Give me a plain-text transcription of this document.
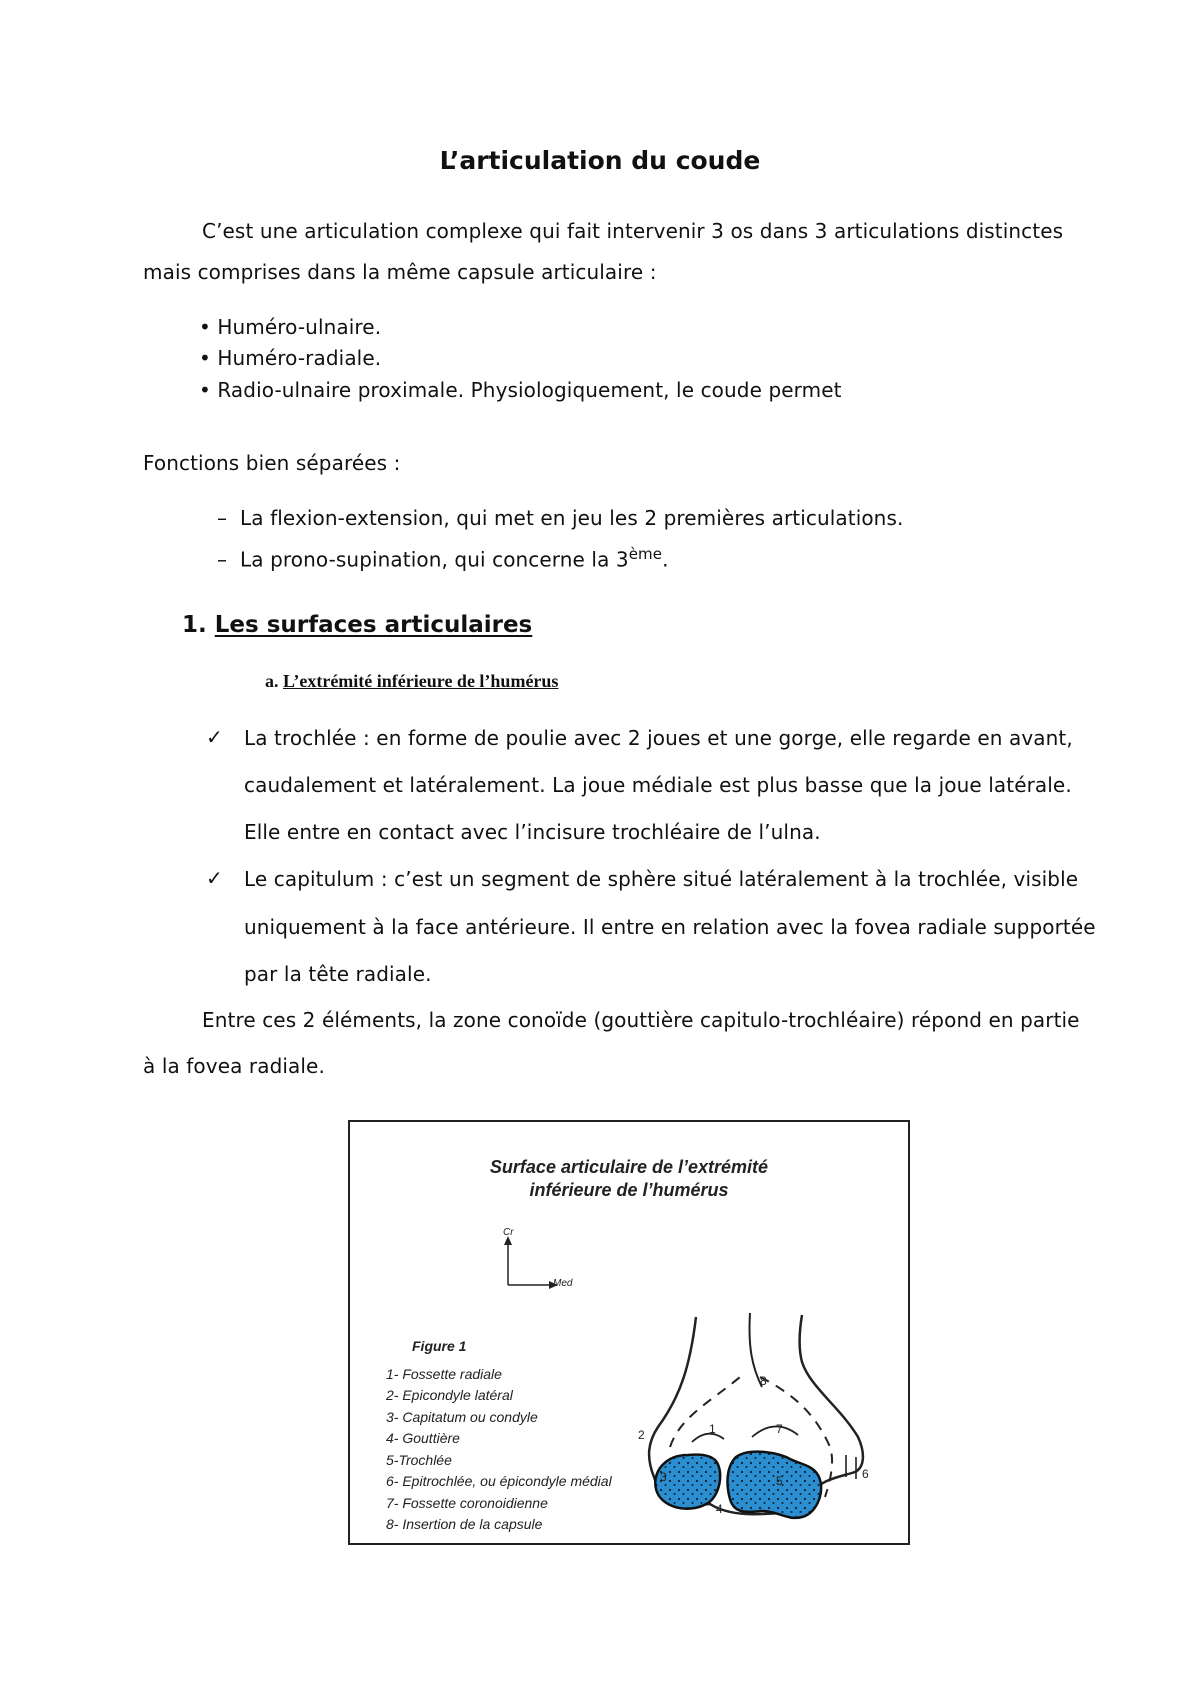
L’articulation du coude
C’est une articulation complexe qui fait intervenir 3 os dans 3 articulations distinctes
mais comprises dans la même capsule articulaire :
• Huméro-ulnaire.
• Huméro-radiale.
• Radio-ulnaire proximale. Physiologiquement, le coude permet
Fonctions bien séparées :
– La flexion-extension, qui met en jeu les 2 premières articulations.
– La prono-supination, qui concerne la 3ème.
1. Les surfaces articulaires
a. L’extrémité inférieure de l’humérus
✓ La trochlée : en forme de poulie avec 2 joues et une gorge, elle regarde en avant,
caudalement et latéralement. La joue médiale est plus basse que la joue latérale.
Elle entre en contact avec l’incisure trochléaire de l’ulna.
✓ Le capitulum : c’est un segment de sphère situé latéralement à la trochlée, visible
uniquement à la face antérieure. Il entre en relation avec la fovea radiale supportée
par la tête radiale.
Entre ces 2 éléments, la zone conoïde (gouttière capitulo-trochléaire) répond en partie
à la fovea radiale.
Surface articulaire de l’extrémité
inférieure de l’humérus
Cr
Med
Figure 1
1- Fossette radiale
2- Epicondyle latéral
3- Capitatum ou condyle
4- Gouttière
5-Trochlée
6- Epitrochlée, ou épicondyle médial
7- Fossette coronoidienne
8- Insertion de la capsule
3
4
5
2	1	7
8
6
